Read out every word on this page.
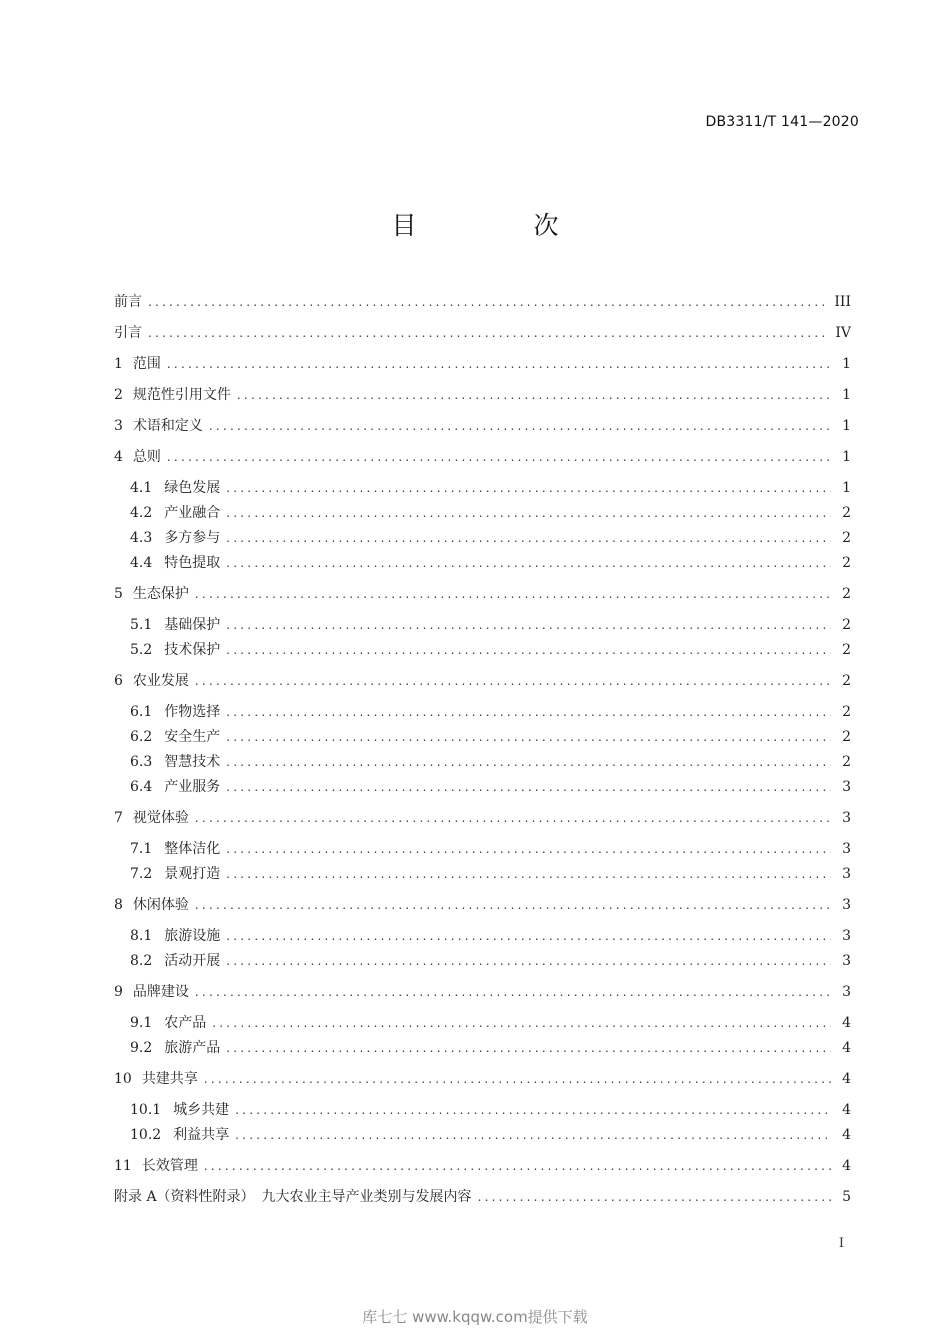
DB3311/T 141—2020
目　次
前言 .....	III
引言 .....	IV
1 范围 .....	1
2 规范性引用文件 .....	1
3 术语和定义 .....	1
4 总则 .....	1
4.1 绿色发展 .....	1
4.2 产业融合 .....	2
4.3 多方参与 .....	2
4.4 特色提取 .....	2
5 生态保护 .....	2
5.1 基础保护 .....	2
5.2 技术保护 .....	2
6 农业发展 .....	2
6.1 作物选择 .....	2
6.2 安全生产 .....	2
6.3 智慧技术 .....	2
6.4 产业服务 .....	3
7 视觉体验 .....	3
7.1 整体洁化 .....	3
7.2 景观打造 .....	3
8 休闲体验 .....	3
8.1 旅游设施 .....	3
8.2 活动开展 .....	3
9 品牌建设 .....	3
9.1 农产品 .....	4
9.2 旅游产品 .....	4
10 共建共享 .....	4
10.1 城乡共建 .....	4
10.2 利益共享 .....	4
11 长效管理 .....	4
附录 A（资料性附录）　九大农业主导产业类别与发展内容 .....	5
I
库七七 www.kqqw.com提供下载
